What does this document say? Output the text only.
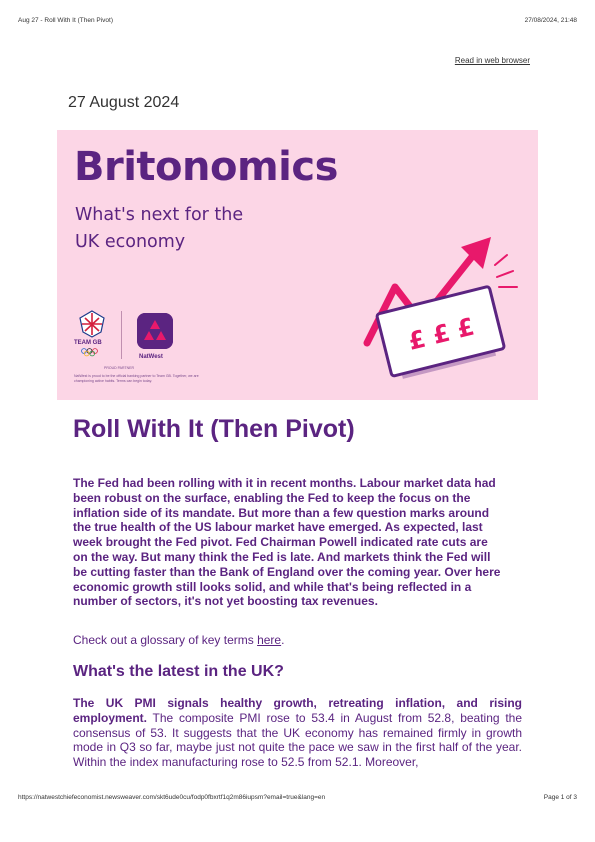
Aug 27 - Roll With It (Then Pivot)	27/08/2024, 21:48
Read in web browser
27 August 2024
Britonomics
What's next for the
UK economy
TEAM GB
NatWest
PROUD PARTNER
NatWest is proud to be the official banking partner to Team GB. Together, we are championing active habits. Terms can begin today.
£ £ £
Roll With It (Then Pivot)

The Fed had been rolling with it in recent months. Labour market data had been robust on the surface, enabling the Fed to keep the focus on the inflation side of its mandate. But more than a few question marks around the true health of the US labour market have emerged. As expected, last week brought the Fed pivot. Fed Chairman Powell indicated rate cuts are on the way. But many think the Fed is late. And markets think the Fed will be cutting faster than the Bank of England over the coming year. Over here economic growth still looks solid, and while that's being reflected in a number of sectors, it's not yet boosting tax revenues.

Check out a glossary of key terms here.

What's the latest in the UK?

The UK PMI signals healthy growth, retreating inflation, and rising employment. The composite PMI rose to 53.4 in August from 52.8, beating the consensus of 53. It suggests that the UK economy has remained firmly in growth mode in Q3 so far, maybe just not quite the pace we saw in the first half of the year. Within the index manufacturing rose to 52.5 from 52.1. Moreover,

https://natwestchiefeconomist.newsweaver.com/skt6ude0cu/fodp0fbxrtf1q2m86iupsm?email=true&lang=en	Page 1 of 3
